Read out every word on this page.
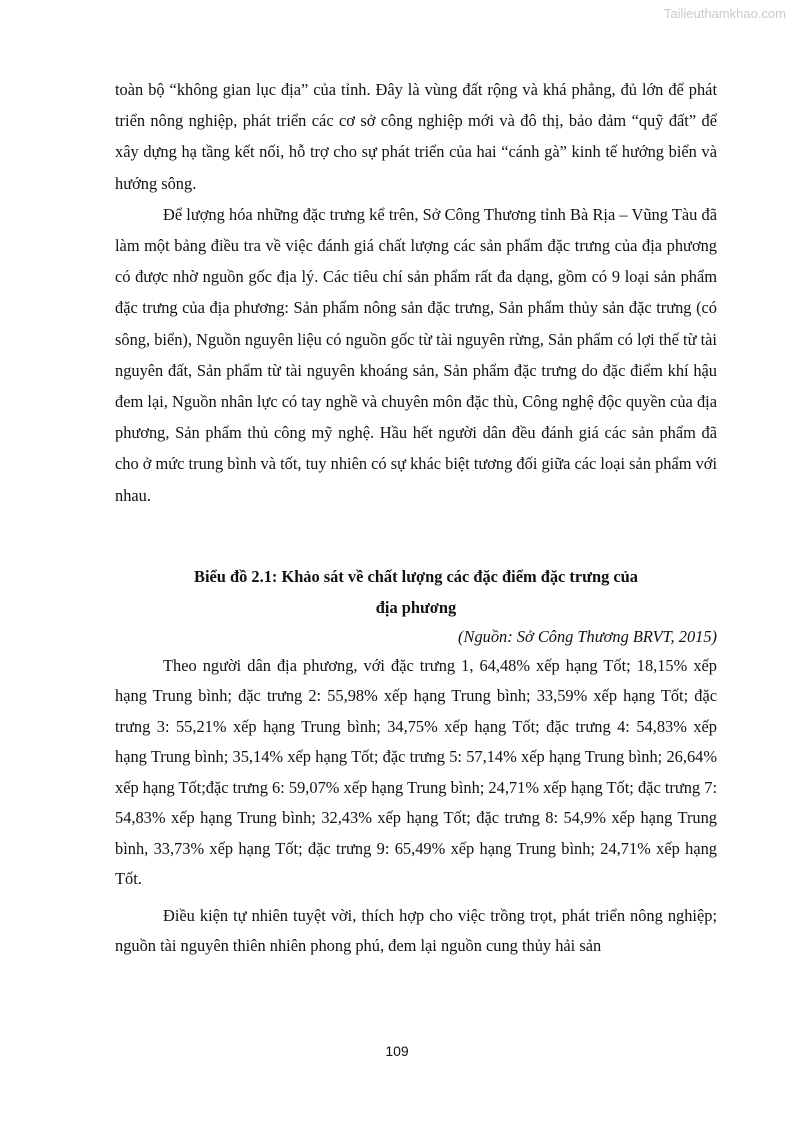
Tailieuthamkhao.com

toàn bộ “không gian lục địa” của tỉnh. Đây là vùng đất rộng và khá phẳng, đủ lớn để phát triển nông nghiệp, phát triển các cơ sở công nghiệp mới và đô thị, bảo đảm “quỹ đất” để xây dựng hạ tầng kết nối, hỗ trợ cho sự phát triển của hai “cánh gà” kinh tế hướng biển và hướng sông.

Để lượng hóa những đặc trưng kể trên, Sở Công Thương tỉnh Bà Rịa – Vũng Tàu đã làm một bảng điều tra về việc đánh giá chất lượng các sản phẩm đặc trưng của địa phương có được nhờ nguồn gốc địa lý. Các tiêu chí sản phẩm rất đa dạng, gồm có 9 loại sản phẩm đặc trưng của địa phương: Sản phẩm nông sản đặc trưng, Sản phẩm thủy sản đặc trưng (có sông, biển), Nguồn nguyên liệu có nguồn gốc từ tài nguyên rừng, Sản phẩm có lợi thế từ tài nguyên đất, Sản phẩm từ tài nguyên khoáng sản, Sản phẩm đặc trưng do đặc điểm khí hậu đem lại, Nguồn nhân lực có tay nghề và chuyên môn đặc thù, Công nghệ độc quyền của địa phương, Sản phẩm thủ công mỹ nghệ. Hầu hết người dân đều đánh giá các sản phẩm đã cho ở mức trung bình và tốt, tuy nhiên có sự khác biệt tương đối giữa các loại sản phẩm với nhau.

Biểu đồ 2.1: Khảo sát về chất lượng các đặc điểm đặc trưng của
địa phương

(Nguồn: Sở Công Thương BRVT, 2015)

Theo người dân địa phương, với đặc trưng 1, 64,48% xếp hạng Tốt; 18,15% xếp hạng Trung bình; đặc trưng 2: 55,98% xếp hạng Trung bình; 33,59% xếp hạng Tốt; đặc trưng 3: 55,21% xếp hạng Trung bình; 34,75% xếp hạng Tốt; đặc trưng 4: 54,83% xếp hạng Trung bình; 35,14% xếp hạng Tốt; đặc trưng 5: 57,14% xếp hạng Trung bình; 26,64% xếp hạng Tốt;đặc trưng 6: 59,07% xếp hạng Trung bình; 24,71% xếp hạng Tốt; đặc trưng 7: 54,83% xếp hạng Trung bình; 32,43% xếp hạng Tốt; đặc trưng 8: 54,9% xếp hạng Trung bình, 33,73% xếp hạng Tốt; đặc trưng 9: 65,49% xếp hạng Trung bình; 24,71% xếp hạng Tốt.

Điều kiện tự nhiên tuyệt vời, thích hợp cho việc trồng trọt, phát triển nông nghiệp; nguồn tài nguyên thiên nhiên phong phú, đem lại nguồn cung thủy hải sản

109
